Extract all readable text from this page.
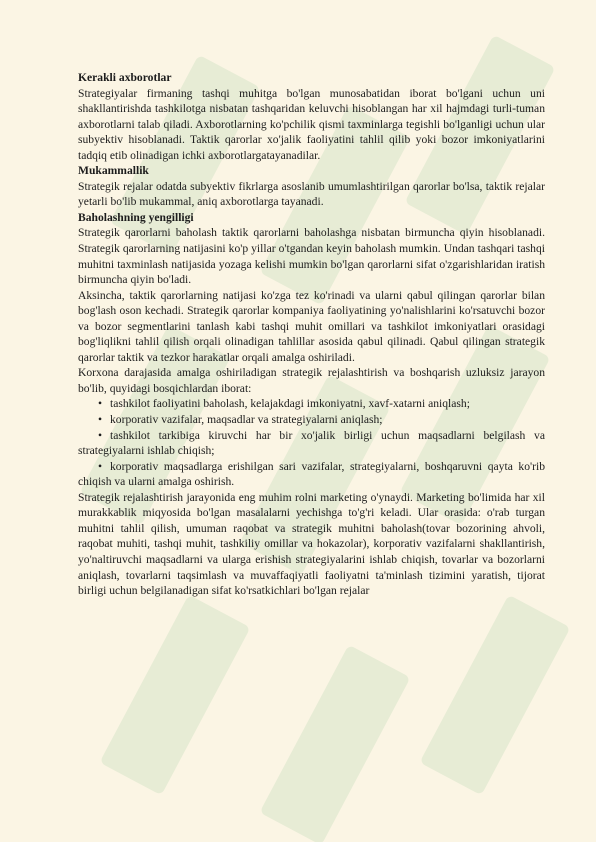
Kerakli axborotlar

Strategiyalar firmaning tashqi muhitga bo'lgan munosabatidan iborat bo'lgani uchun uni shakllantirishda tashkilotga nisbatan tashqaridan keluvchi hisoblangan har xil hajmdagi turli-tuman axborotlarni talab qiladi. Axborotlarning ko'pchilik qismi taxminlarga tegishli bo'lganligi uchun ular subyektiv hisoblanadi. Taktik qarorlar xo'jalik faoliyatini tahlil qilib yoki bozor imkoniyatlarini tadqiq etib olinadigan ichki axborotlargatayanadilar.

Mukammallik

Strategik rejalar odatda subyektiv fikrlarga asoslanib umumlashtirilgan qarorlar bo'lsa, taktik rejalar yetarli bo'lib mukammal, aniq axborotlarga tayanadi.

Baholashning yengilligi

Strategik qarorlarni baholash taktik qarorlarni baholashga nisbatan birmuncha qiyin hisoblanadi. Strategik qarorlarning natijasini ko'p yillar o'tgandan keyin baholash mumkin. Undan tashqari tashqi muhitni taxminlash natijasida yozaga kelishi mumkin bo'lgan qarorlarni sifat o'zgarishlaridan iratish birmuncha qiyin bo'ladi.

Aksincha, taktik qarorlarning natijasi ko'zga tez ko'rinadi va ularni qabul qilingan qarorlar bilan bog'lash oson kechadi. Strategik qarorlar kompaniya faoliyatining yo'nalishlarini ko'rsatuvchi bozor va bozor segmentlarini tanlash kabi tashqi muhit omillari va tashkilot imkoniyatlari orasidagi bog'liqlikni tahlil qilish orqali olinadigan tahlillar asosida qabul qilinadi. Qabul qilingan strategik qarorlar taktik va tezkor harakatlar orqali amalga oshiriladi.

Korxona darajasida amalga oshiriladigan strategik rejalashtirish va boshqarish uzluksiz jarayon bo'lib, quyidagi bosqichlardan iborat:

• tashkilot faoliyatini baholash, kelajakdagi imkoniyatni, xavf-xatarni aniqlash;
• korporativ vazifalar, maqsadlar va strategiyalarni aniqlash;
• tashkilot tarkibiga kiruvchi har bir xo'jalik birligi uchun maqsadlarni belgilash va strategiyalarni ishlab chiqish;
• korporativ maqsadlarga erishilgan sari vazifalar, strategiyalarni, boshqaruvni qayta ko'rib chiqish va ularni amalga oshirish.

Strategik rejalashtirish jarayonida eng muhim rolni marketing o'ynaydi. Marketing bo'limida har xil murakkablik miqyosida bo'lgan masalalarni yechishga to'g'ri keladi. Ular orasida: o'rab turgan muhitni tahlil qilish, umuman raqobat va strategik muhitni baholash(tovar bozorining ahvoli, raqobat muhiti, tashqi muhit, tashkiliy omillar va hokazolar), korporativ vazifalarni shakllantirish, yo'naltiruvchi maqsadlarni va ularga erishish strategiyalarini ishlab chiqish, tovarlar va bozorlarni aniqlash, tovarlarni taqsimlash va muvaffaqiyatli faoliyatni ta'minlash tizimini yaratish, tijorat birligi uchun belgilanadigan sifat ko'rsatkichlari bo'lgan rejalar
